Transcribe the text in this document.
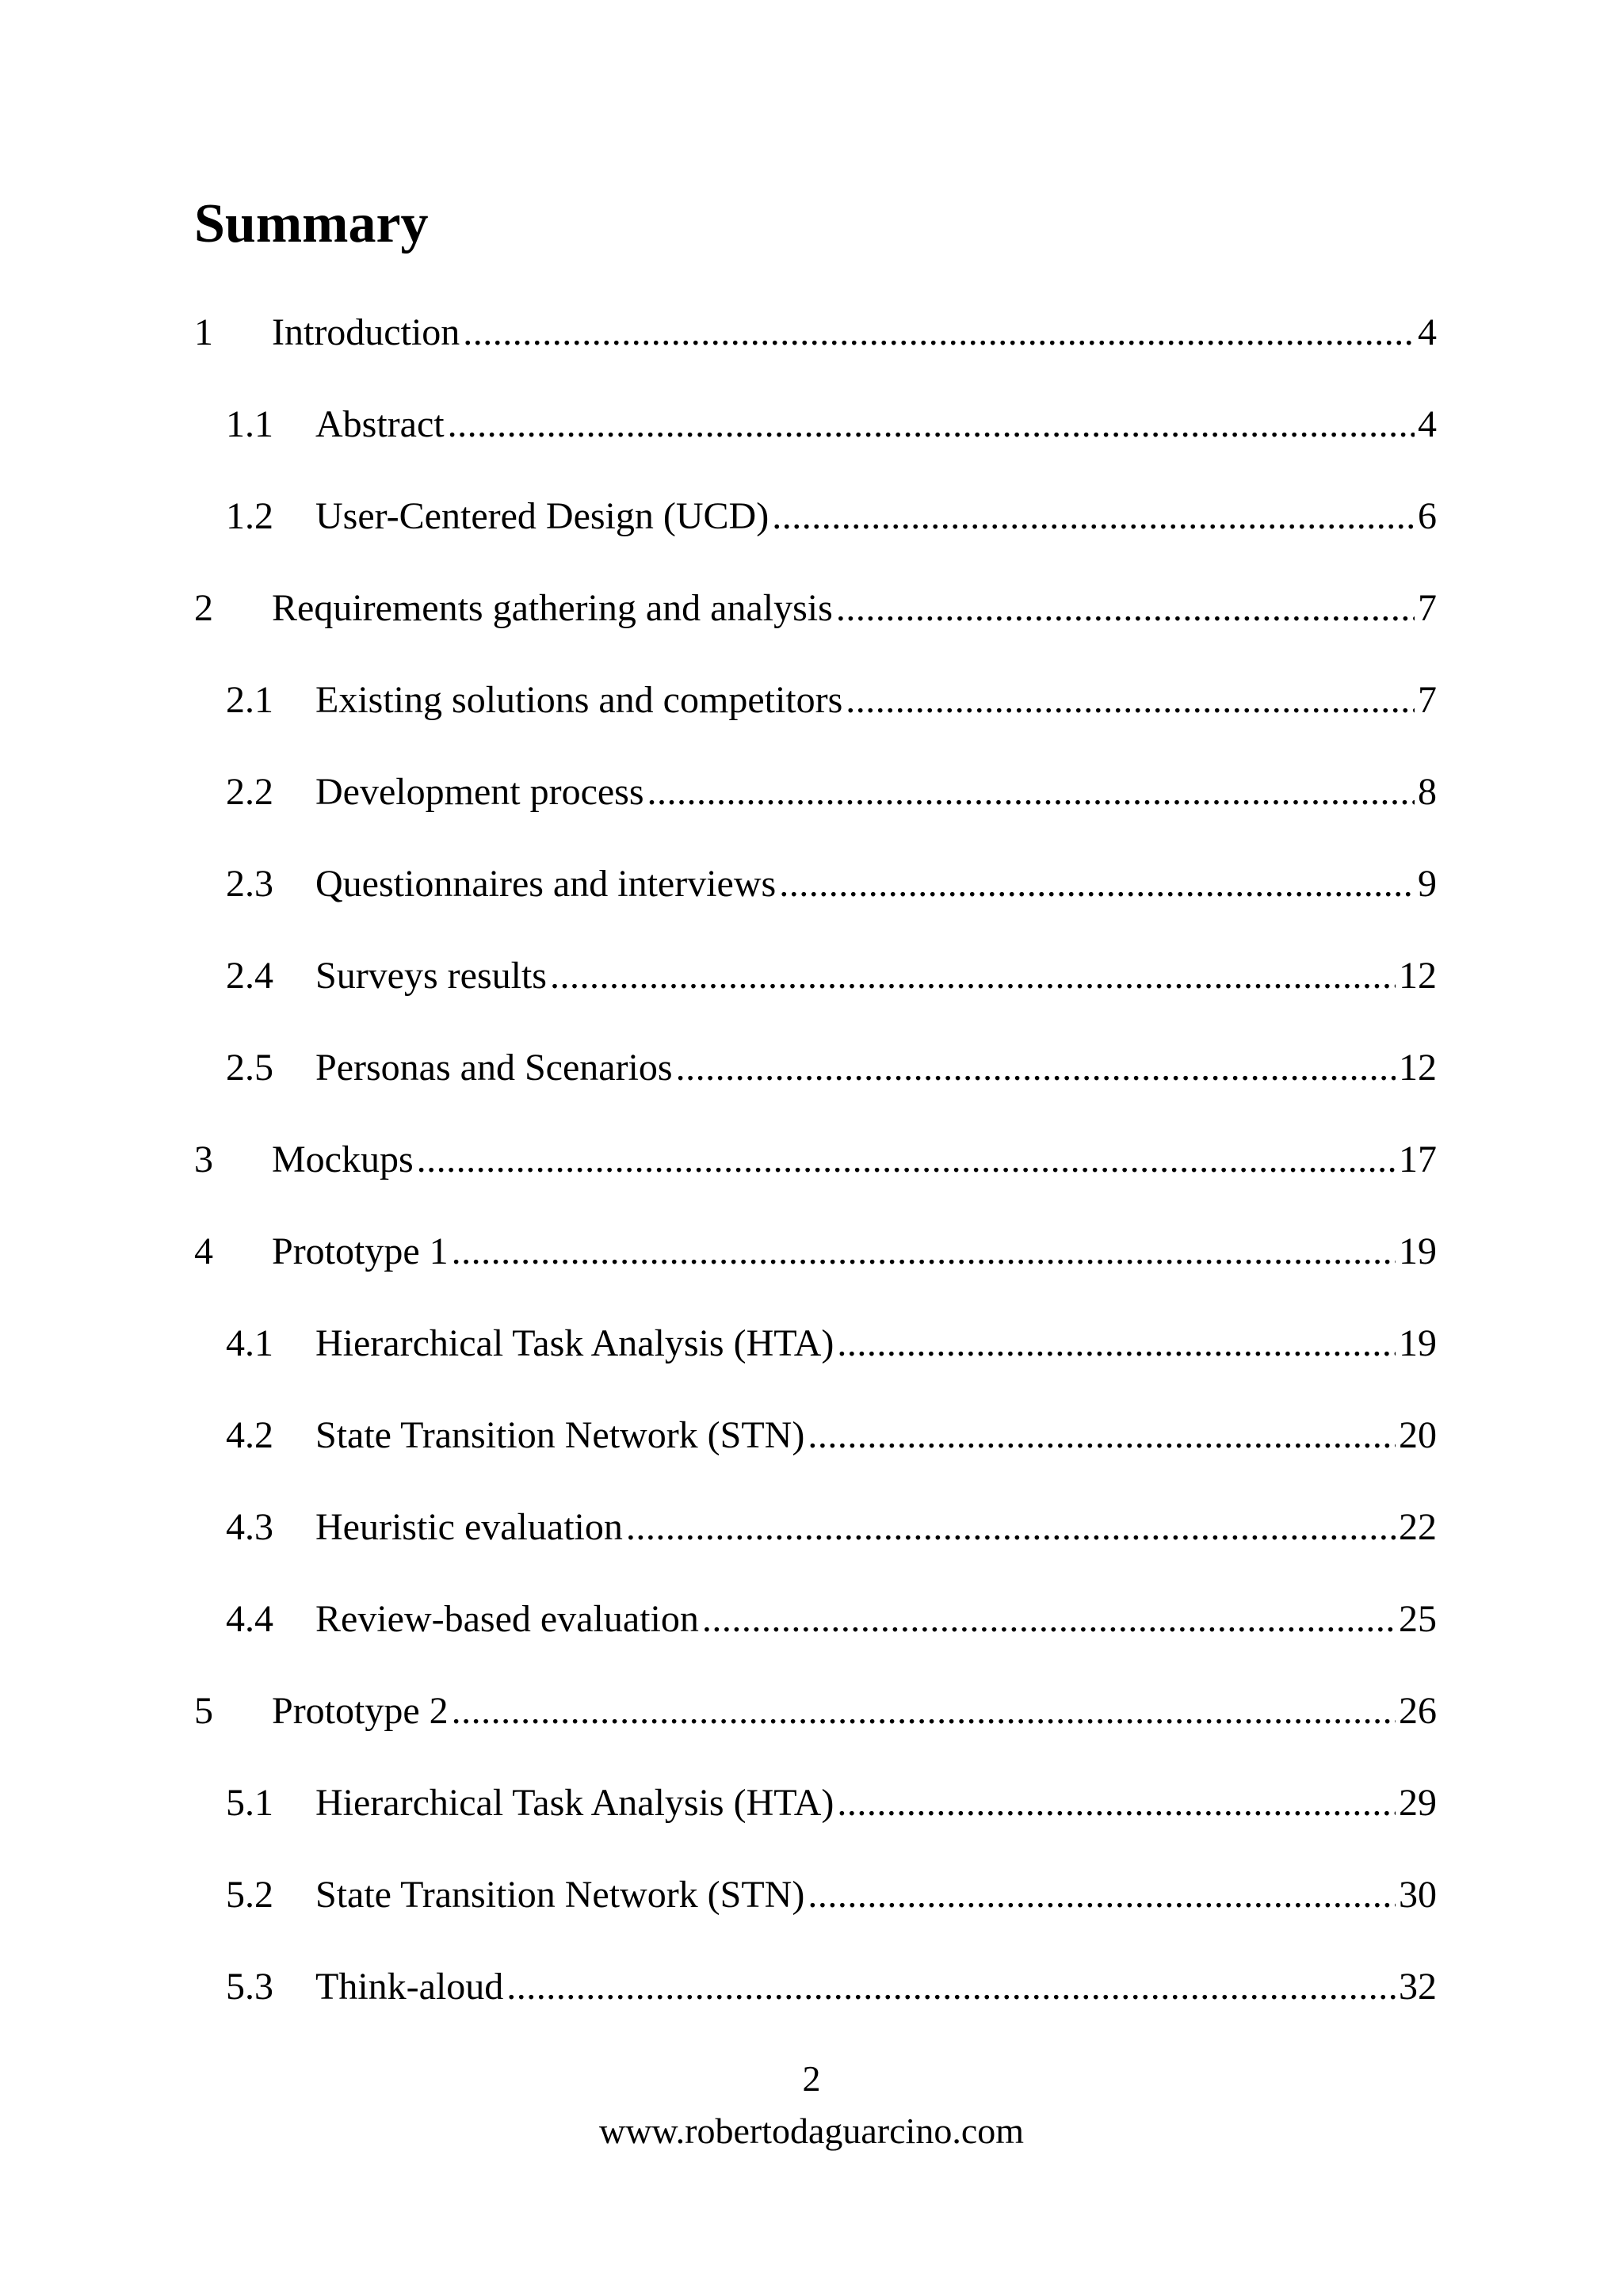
Summary
1 Introduction .....	4
1.1 Abstract .....	4
1.2 User-Centered Design (UCD) .....	6
2 Requirements gathering and analysis .....	7
2.1 Existing solutions and competitors .....	7
2.2 Development process .....	8
2.3 Questionnaires and interviews .....	9
2.4 Surveys results .....	12
2.5 Personas and Scenarios .....	12
3 Mockups .....	17
4 Prototype 1 .....	19
4.1 Hierarchical Task Analysis (HTA) .....	19
4.2 State Transition Network (STN) .....	20
4.3 Heuristic evaluation .....	22
4.4 Review-based evaluation .....	25
5 Prototype 2 .....	26
5.1 Hierarchical Task Analysis (HTA) .....	29
5.2 State Transition Network (STN) .....	30
5.3 Think-aloud .....	32
2
www.robertodaguarcino.com
